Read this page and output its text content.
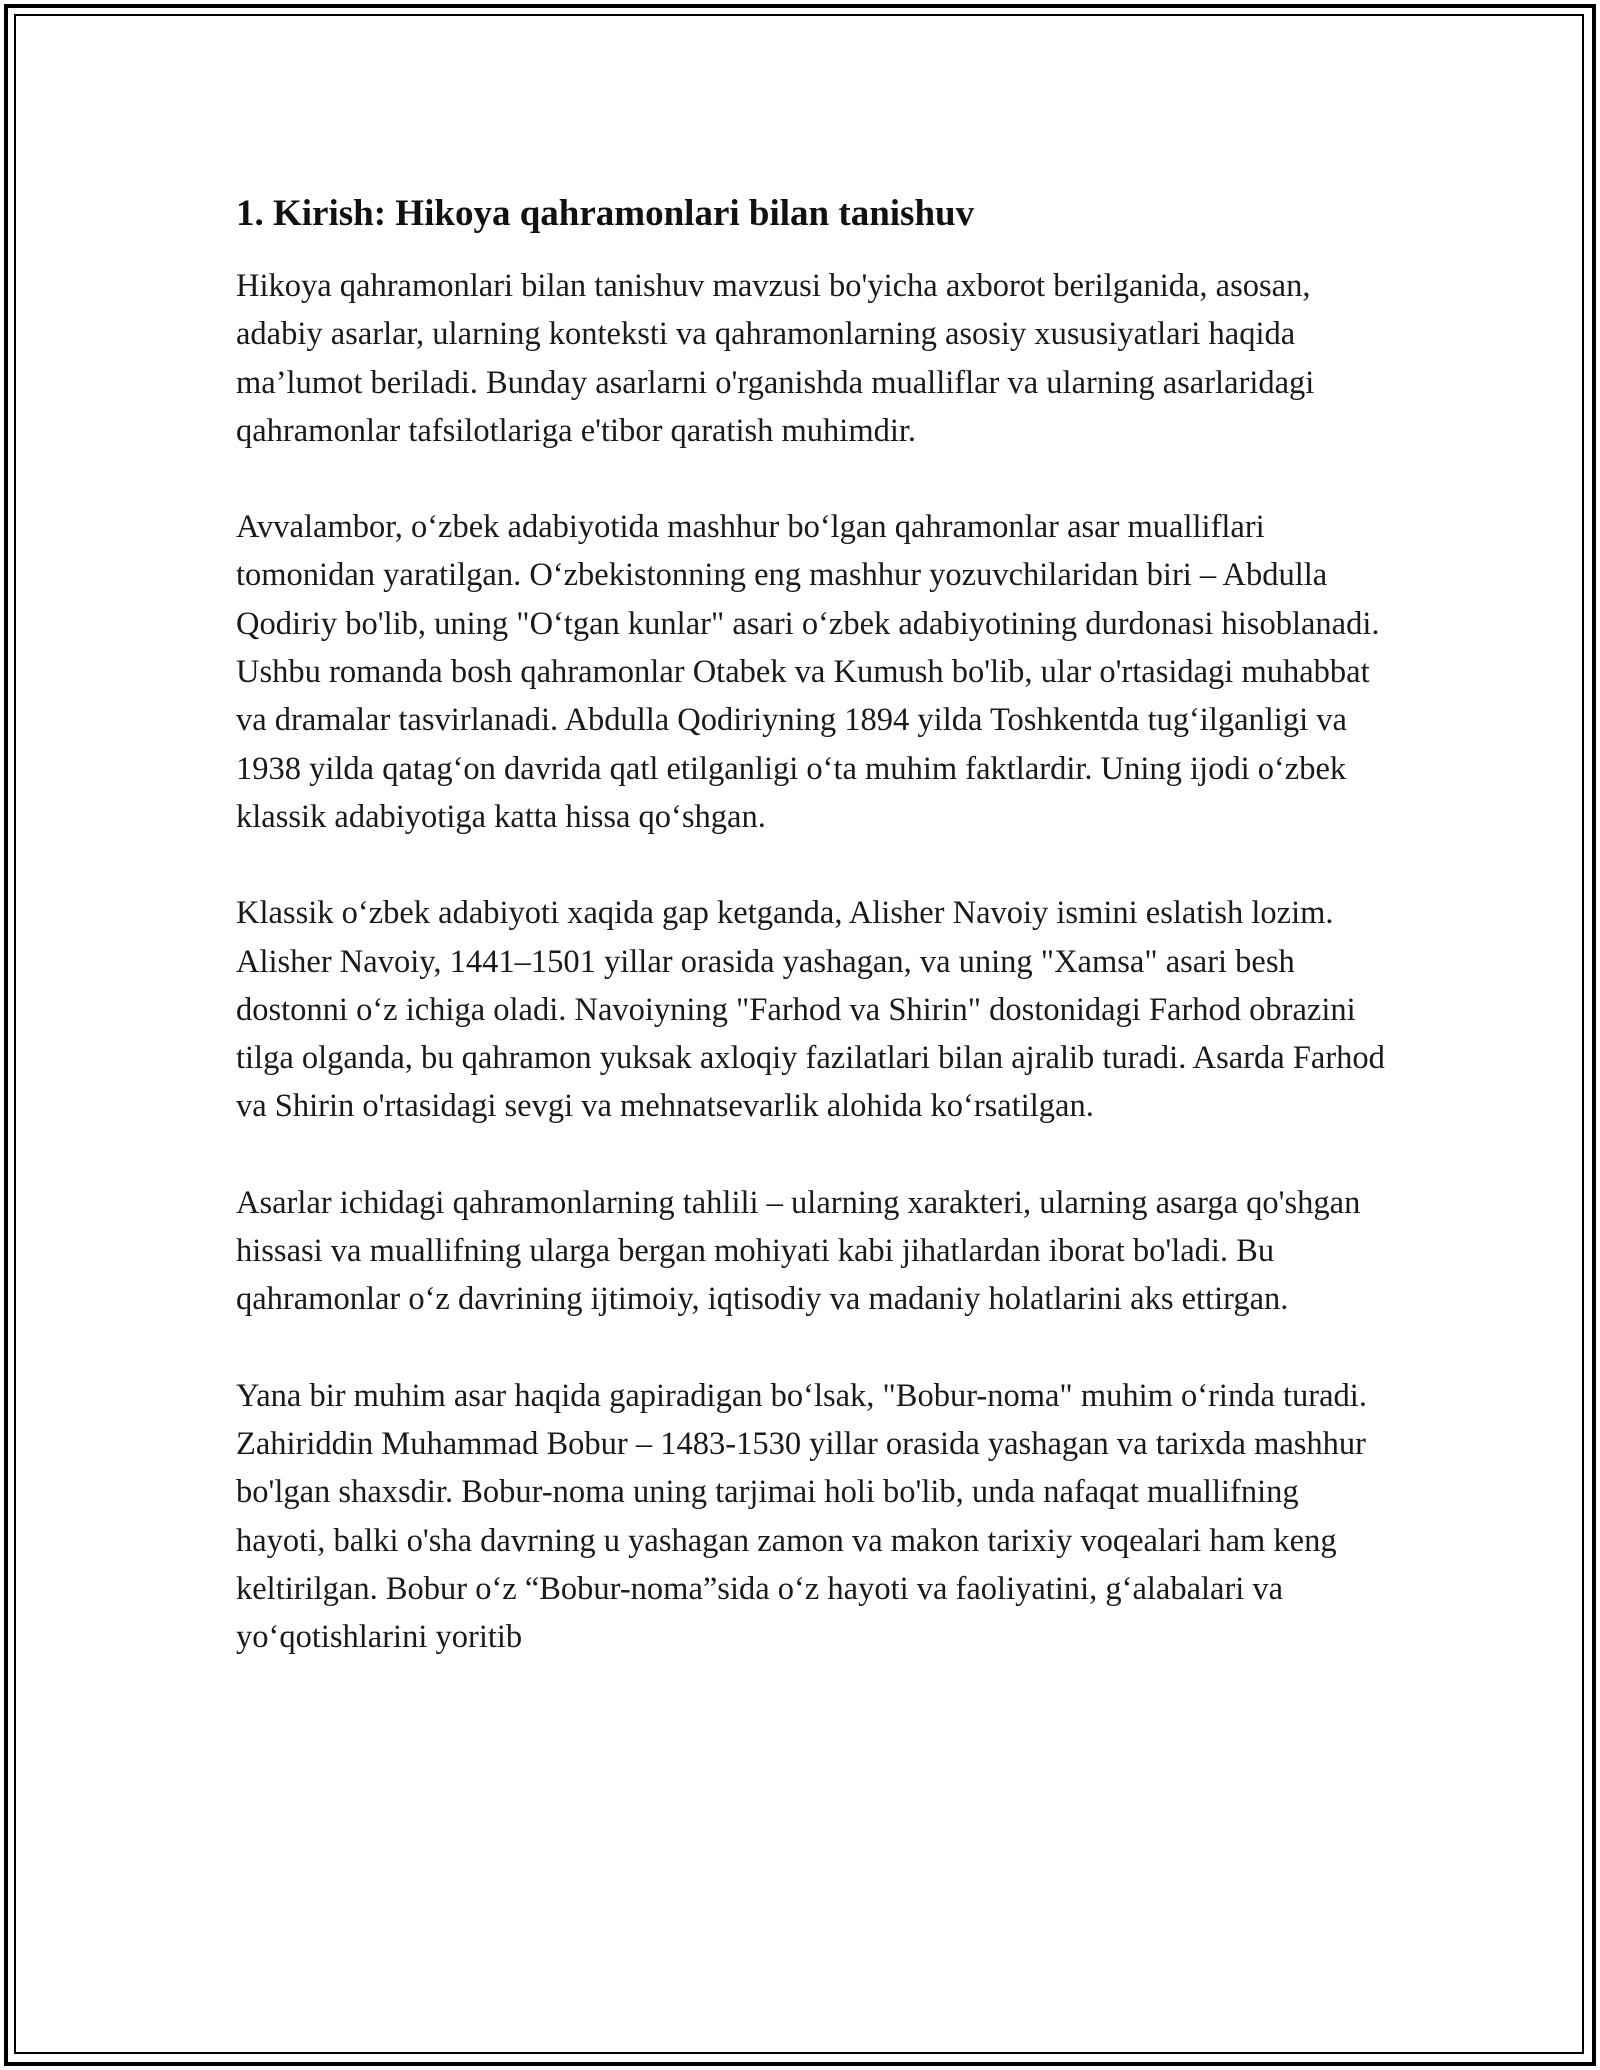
1. Kirish: Hikoya qahramonlari bilan tanishuv

Hikoya qahramonlari bilan tanishuv mavzusi bo'yicha axborot berilganida, asosan, adabiy asarlar, ularning konteksti va qahramonlarning asosiy xususiyatlari haqida ma’lumot beriladi. Bunday asarlarni o'rganishda mualliflar va ularning asarlaridagi qahramonlar tafsilotlariga e'tibor qaratish muhimdir.

Avvalambor, o‘zbek adabiyotida mashhur bo‘lgan qahramonlar asar mualliflari tomonidan yaratilgan. O‘zbekistonning eng mashhur yozuvchilaridan biri – Abdulla Qodiriy bo'lib, uning "O‘tgan kunlar" asari o‘zbek adabiyotining durdonasi hisoblanadi. Ushbu romanda bosh qahramonlar Otabek va Kumush bo'lib, ular o'rtasidagi muhabbat va dramalar tasvirlanadi. Abdulla Qodiriyning 1894 yilda Toshkentda tug‘ilganligi va 1938 yilda qatag‘on davrida qatl etilganligi o‘ta muhim faktlardir. Uning ijodi o‘zbek klassik adabiyotiga katta hissa qo‘shgan.

Klassik o‘zbek adabiyoti xaqida gap ketganda, Alisher Navoiy ismini eslatish lozim. Alisher Navoiy, 1441–1501 yillar orasida yashagan, va uning "Xamsa" asari besh dostonni o‘z ichiga oladi. Navoiyning "Farhod va Shirin" dostonidagi Farhod obrazini tilga olganda, bu qahramon yuksak axloqiy fazilatlari bilan ajralib turadi. Asarda Farhod va Shirin o'rtasidagi sevgi va mehnatsevarlik alohida ko‘rsatilgan.

Asarlar ichidagi qahramonlarning tahlili – ularning xarakteri, ularning asarga qo'shgan hissasi va muallifning ularga bergan mohiyati kabi jihatlardan iborat bo'ladi. Bu qahramonlar o‘z davrining ijtimoiy, iqtisodiy va madaniy holatlarini aks ettirgan.

Yana bir muhim asar haqida gapiradigan bo‘lsak, "Bobur-noma" muhim o‘rinda turadi. Zahiriddin Muhammad Bobur – 1483-1530 yillar orasida yashagan va tarixda mashhur bo'lgan shaxsdir. Bobur-noma uning tarjimai holi bo'lib, unda nafaqat muallifning hayoti, balki o'sha davrning u yashagan zamon va makon tarixiy voqealari ham keng keltirilgan. Bobur o‘z “Bobur-noma”sida o‘z hayoti va faoliyatini, g‘alabalari va yo‘qotishlarini yoritib
